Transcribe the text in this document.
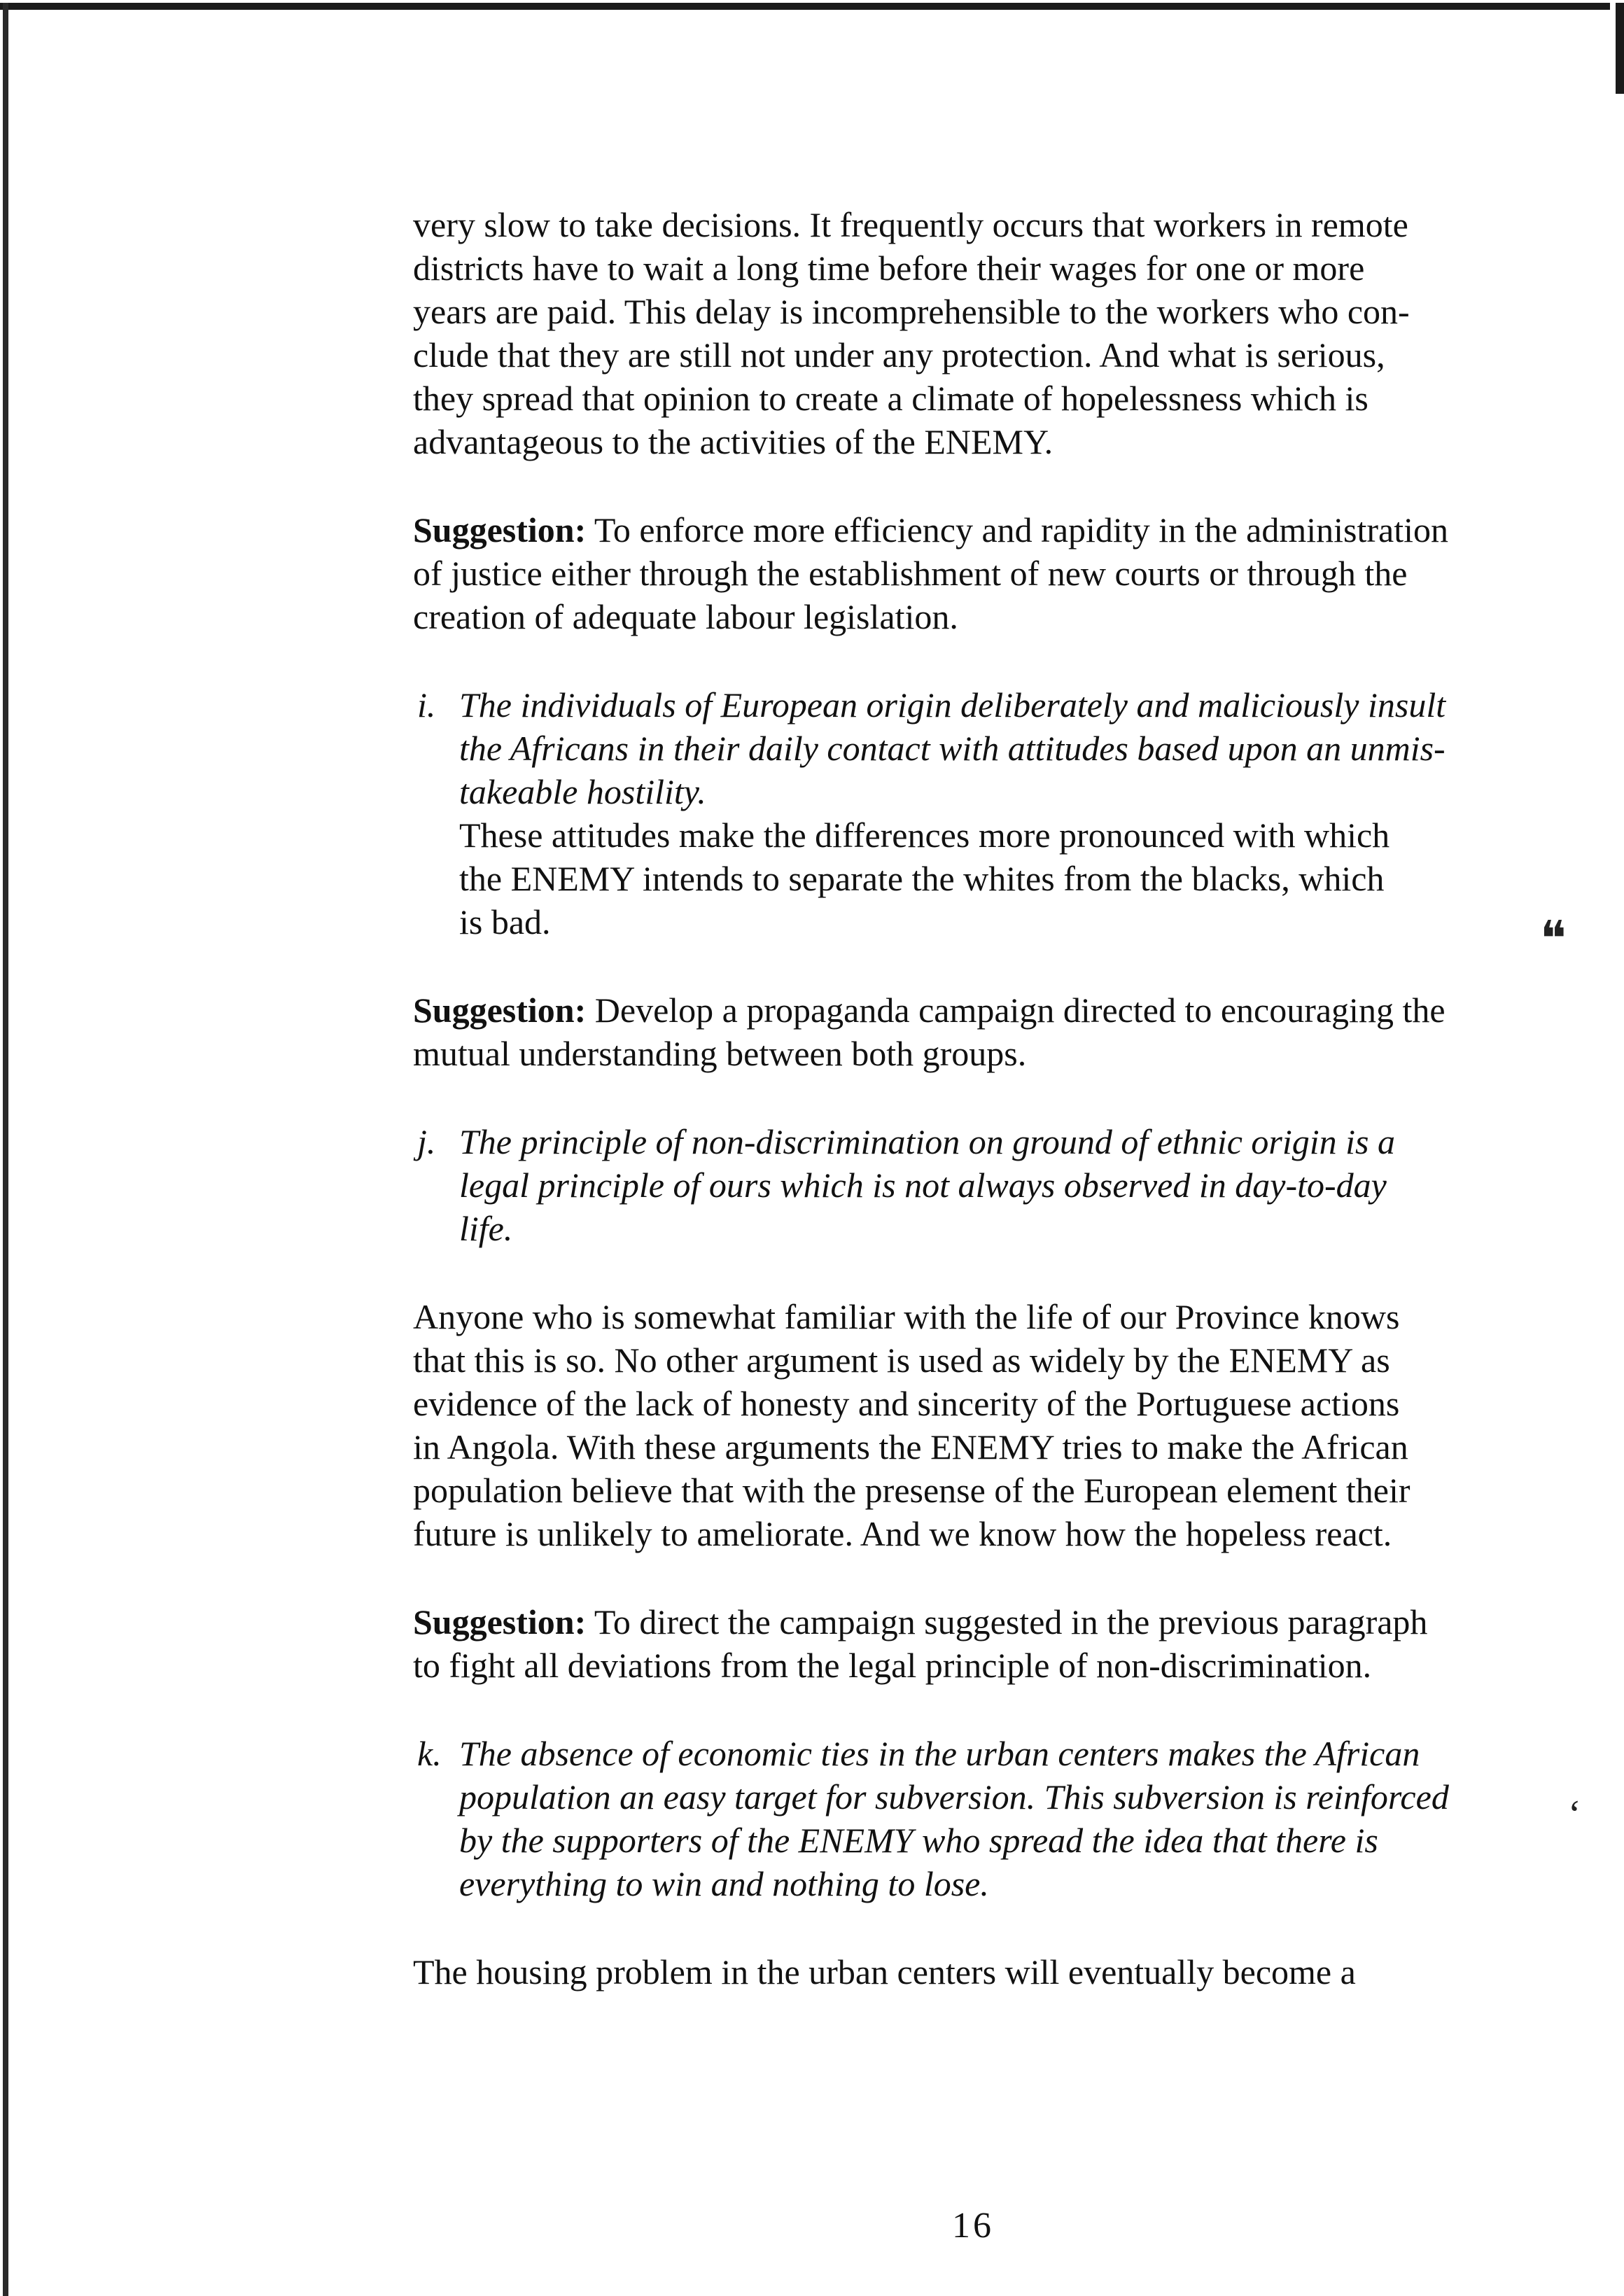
very slow to take decisions. It frequently occurs that workers in remote
districts have to wait a long time before their wages for one or more
years are paid. This delay is incomprehensible to the workers who con-
clude that they are still not under any protection. And what is serious,
they spread that opinion to create a climate of hopelessness which is
advantageous to the activities of the ENEMY.

Suggestion: To enforce more efficiency and rapidity in the administration
of justice either through the establishment of new courts or through the
creation of adequate labour legislation.

i. The individuals of European origin deliberately and maliciously insult
the Africans in their daily contact with attitudes based upon an unmis-
takeable hostility.
These attitudes make the differences more pronounced with which
the ENEMY intends to separate the whites from the blacks, which
is bad.

Suggestion: Develop a propaganda campaign directed to encouraging the
mutual understanding between both groups.

j. The principle of non-discrimination on ground of ethnic origin is a
legal principle of ours which is not always observed in day-to-day
life.

Anyone who is somewhat familiar with the life of our Province knows
that this is so. No other argument is used as widely by the ENEMY as
evidence of the lack of honesty and sincerity of the Portuguese actions
in Angola. With these arguments the ENEMY tries to make the African
population believe that with the presense of the European element their
future is unlikely to ameliorate. And we know how the hopeless react.

Suggestion: To direct the campaign suggested in the previous paragraph
to fight all deviations from the legal principle of non-discrimination.

k. The absence of economic ties in the urban centers makes the African
population an easy target for subversion. This subversion is reinforced
by the supporters of the ENEMY who spread the idea that there is
everything to win and nothing to lose.

The housing problem in the urban centers will eventually become a

❝
‘
16
